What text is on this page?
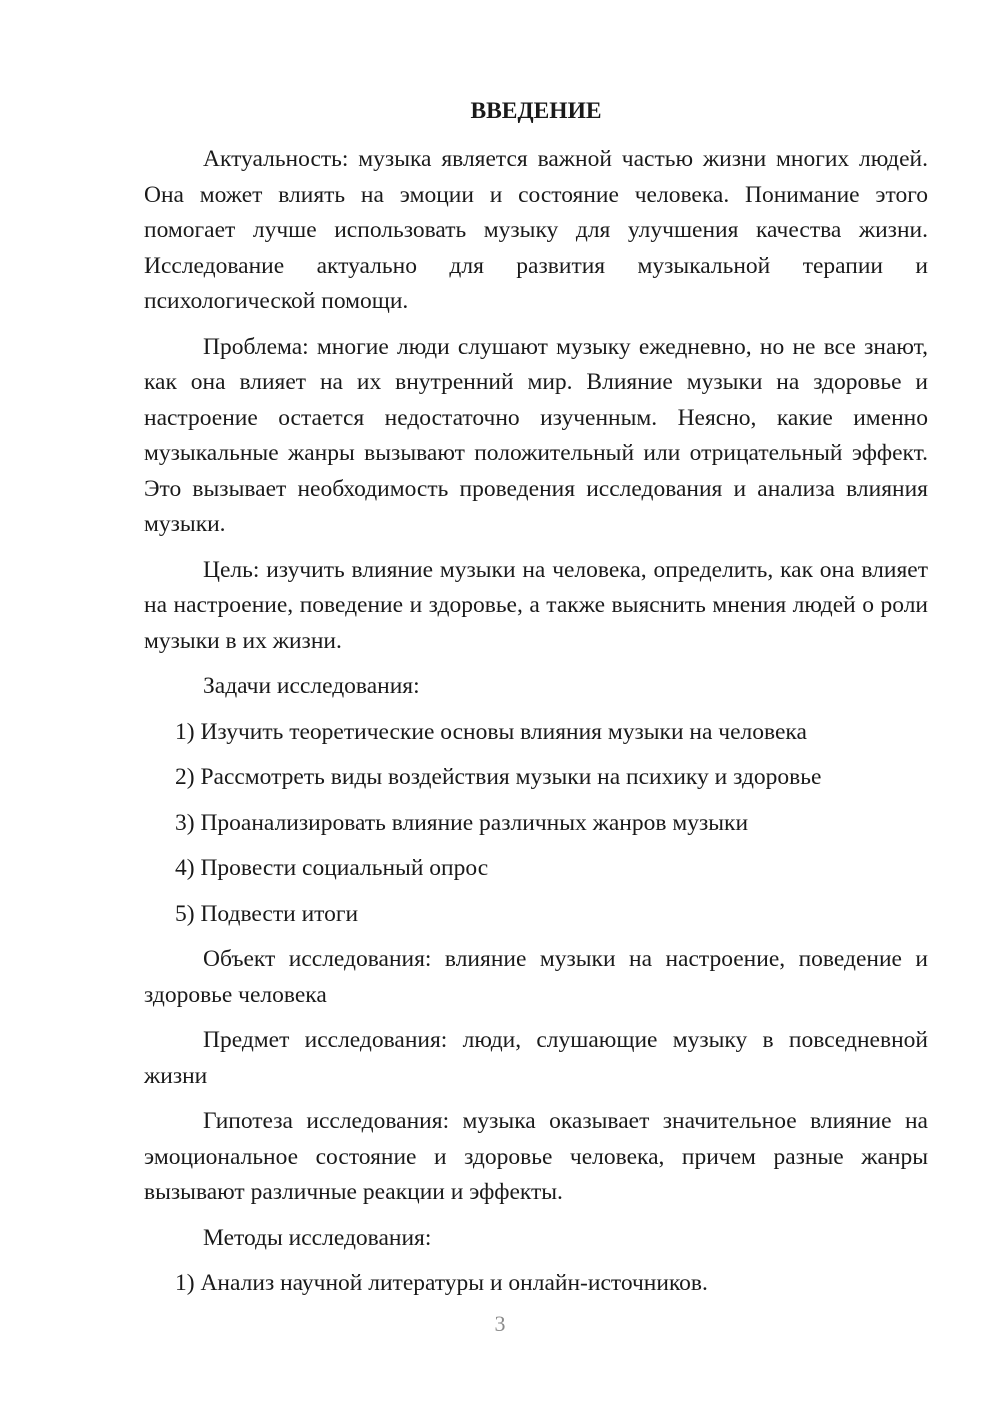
ВВЕДЕНИЕ

Актуальность: музыка является важной частью жизни многих людей. Она может влиять на эмоции и состояние человека. Понимание этого помогает лучше использовать музыку для улучшения качества жизни. Исследование актуально для развития музыкальной терапии и психологической помощи.

Проблема: многие люди слушают музыку ежедневно, но не все знают, как она влияет на их внутренний мир. Влияние музыки на здоровье и настроение остается недостаточно изученным. Неясно, какие именно музыкальные жанры вызывают положительный или отрицательный эффект. Это вызывает необходимость проведения исследования и анализа влияния музыки.

Цель: изучить влияние музыки на человека, определить, как она влияет на настроение, поведение и здоровье, а также выяснить мнения людей о роли музыки в их жизни.

Задачи исследования:

1) Изучить теоретические основы влияния музыки на человека

2) Рассмотреть виды воздействия музыки на психику и здоровье

3) Проанализировать влияние различных жанров музыки

4) Провести социальный опрос

5) Подвести итоги

Объект исследования: влияние музыки на настроение, поведение и здоровье человека

Предмет исследования: люди, слушающие музыку в повседневной жизни

Гипотеза исследования: музыка оказывает значительное влияние на эмоциональное состояние и здоровье человека, причем разные жанры вызывают различные реакции и эффекты.

Методы исследования:

1) Анализ научной литературы и онлайн-источников.

3
